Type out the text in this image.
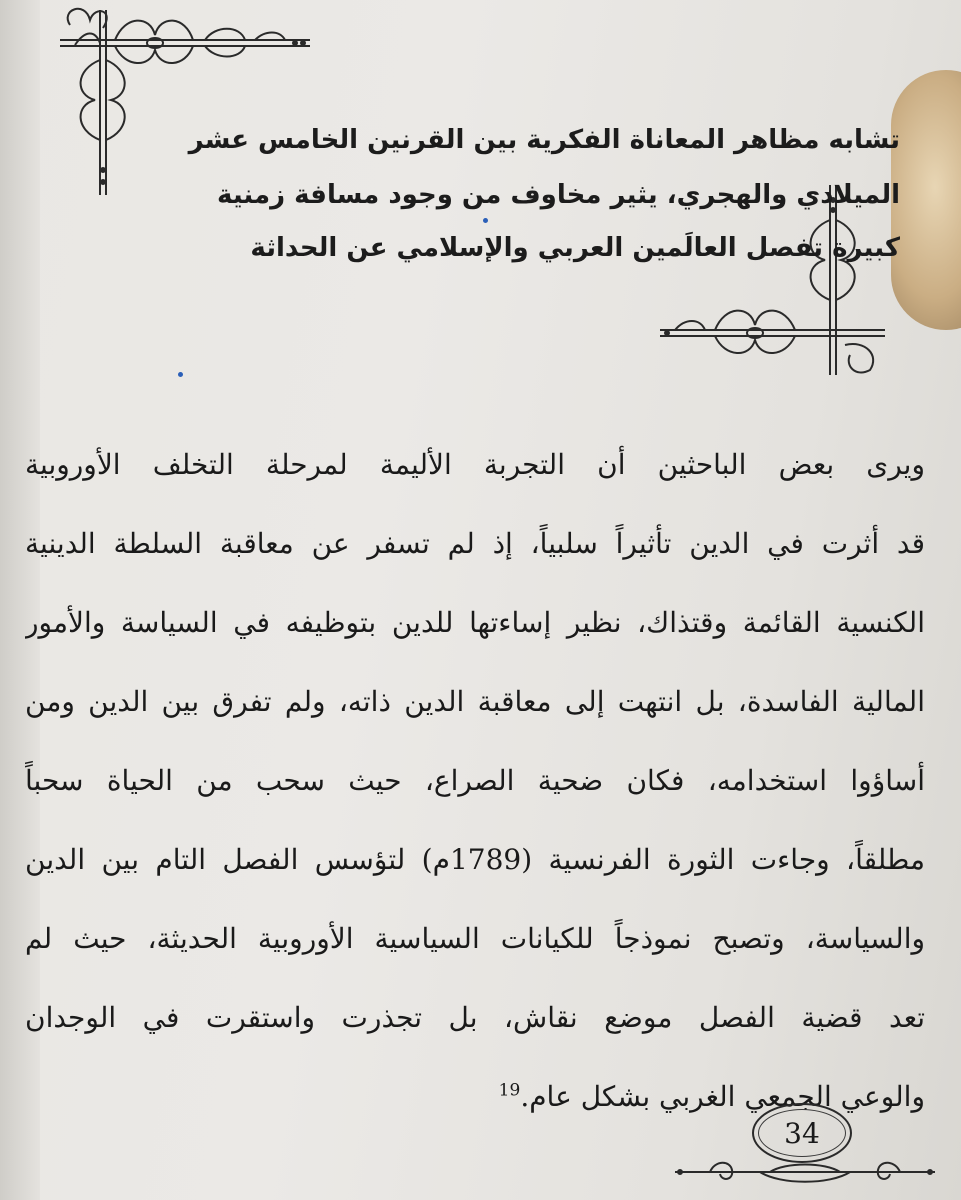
تشابه مظاهر المعاناة الفكرية بين القرنين الخامس عشر
الميلادي والهجري، يثير مخاوف من وجود مسافة زمنية
كبيرة تفصل العالَمين العربي والإسلامي عن الحداثة
ويرى بعض الباحثين أن التجربة الأليمة لمرحلة التخلف الأوروبية
قد أثرت في الدين تأثيراً سلبياً، إذ لم تسفر عن معاقبة السلطة الدينية
الكنسية القائمة وقتذاك، نظير إساءتها للدين بتوظيفه في السياسة والأمور
المالية الفاسدة، بل انتهت إلى معاقبة الدين ذاته، ولم تفرق بين الدين ومن
أساؤوا استخدامه، فكان ضحية الصراع، حيث سحب من الحياة سحباً
مطلقاً، وجاءت الثورة الفرنسية (1789م) لتؤسس الفصل التام بين الدين
والسياسة، وتصبح نموذجاً للكيانات السياسية الأوروبية الحديثة، حيث لم
تعد قضية الفصل موضع نقاش، بل تجذرت واستقرت في الوجدان
والوعي الجمعي الغربي بشكل عام.$^{19}$
34
